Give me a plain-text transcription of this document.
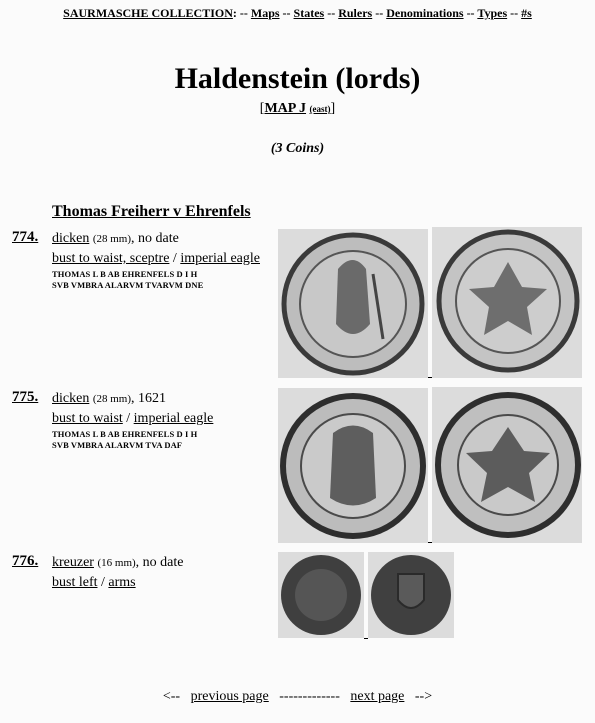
SAURMASCHE COLLECTION: -- Maps -- States -- Rulers -- Denominations -- Types -- #s
Haldenstein (lords)
[MAP J (east)]
(3 Coins)
Thomas Freiherr v Ehrenfels
774. dicken (28 mm), no date
bust to waist, sceptre / imperial eagle
THOMAS L B AB EHRENFELS D I H
SVB VMBRA ALARVM TVARVM DNE
775. dicken (28 mm), 1621
bust to waist / imperial eagle
THOMAS L B AB EHRENFELS D I H
SVB VMBRA ALARVM TVA DAF
776. kreuzer (16 mm), no date
bust left / arms
<--   previous page   -------------   next page   -->
